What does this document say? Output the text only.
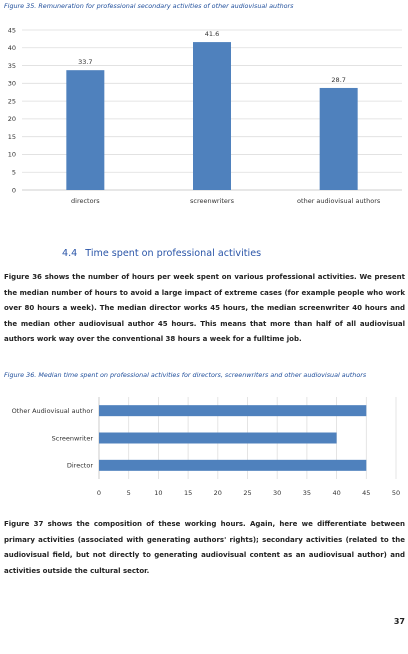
Figure 35. Remuneration for professional secondary activities of other audiovisual authors
0
5
10
15
20
25
30
35
40
45
33.7
directors
41.6
screenwriters
28.7
other audiovisual authors
4.4 Time spent on professional activities
Figure 36 shows the number of hours per week spent on various professional activities. We present the median number of hours to avoid a large impact of extreme cases (for example people who work over 80 hours a week). The median director works 45 hours, the median screenwriter 40 hours and the median other audiovisual author 45 hours. This means that more than half of all audiovisual authors work way over the conventional 38 hours a week for a fulltime job.
Figure 36. Median time spent on professional activities for directors, screenwriters and other audiovisual authors
0	5	10	15	20	25	30	35	40	45	50
Other Audiovisual author
Screenwriter
Director
Figure 37 shows the composition of these working hours. Again, here we differentiate between primary activities (associated with generating authors' rights); secondary activities (related to the audiovisual field, but not directly to generating audiovisual content as an audiovisual author) and activities outside the cultural sector.
37
